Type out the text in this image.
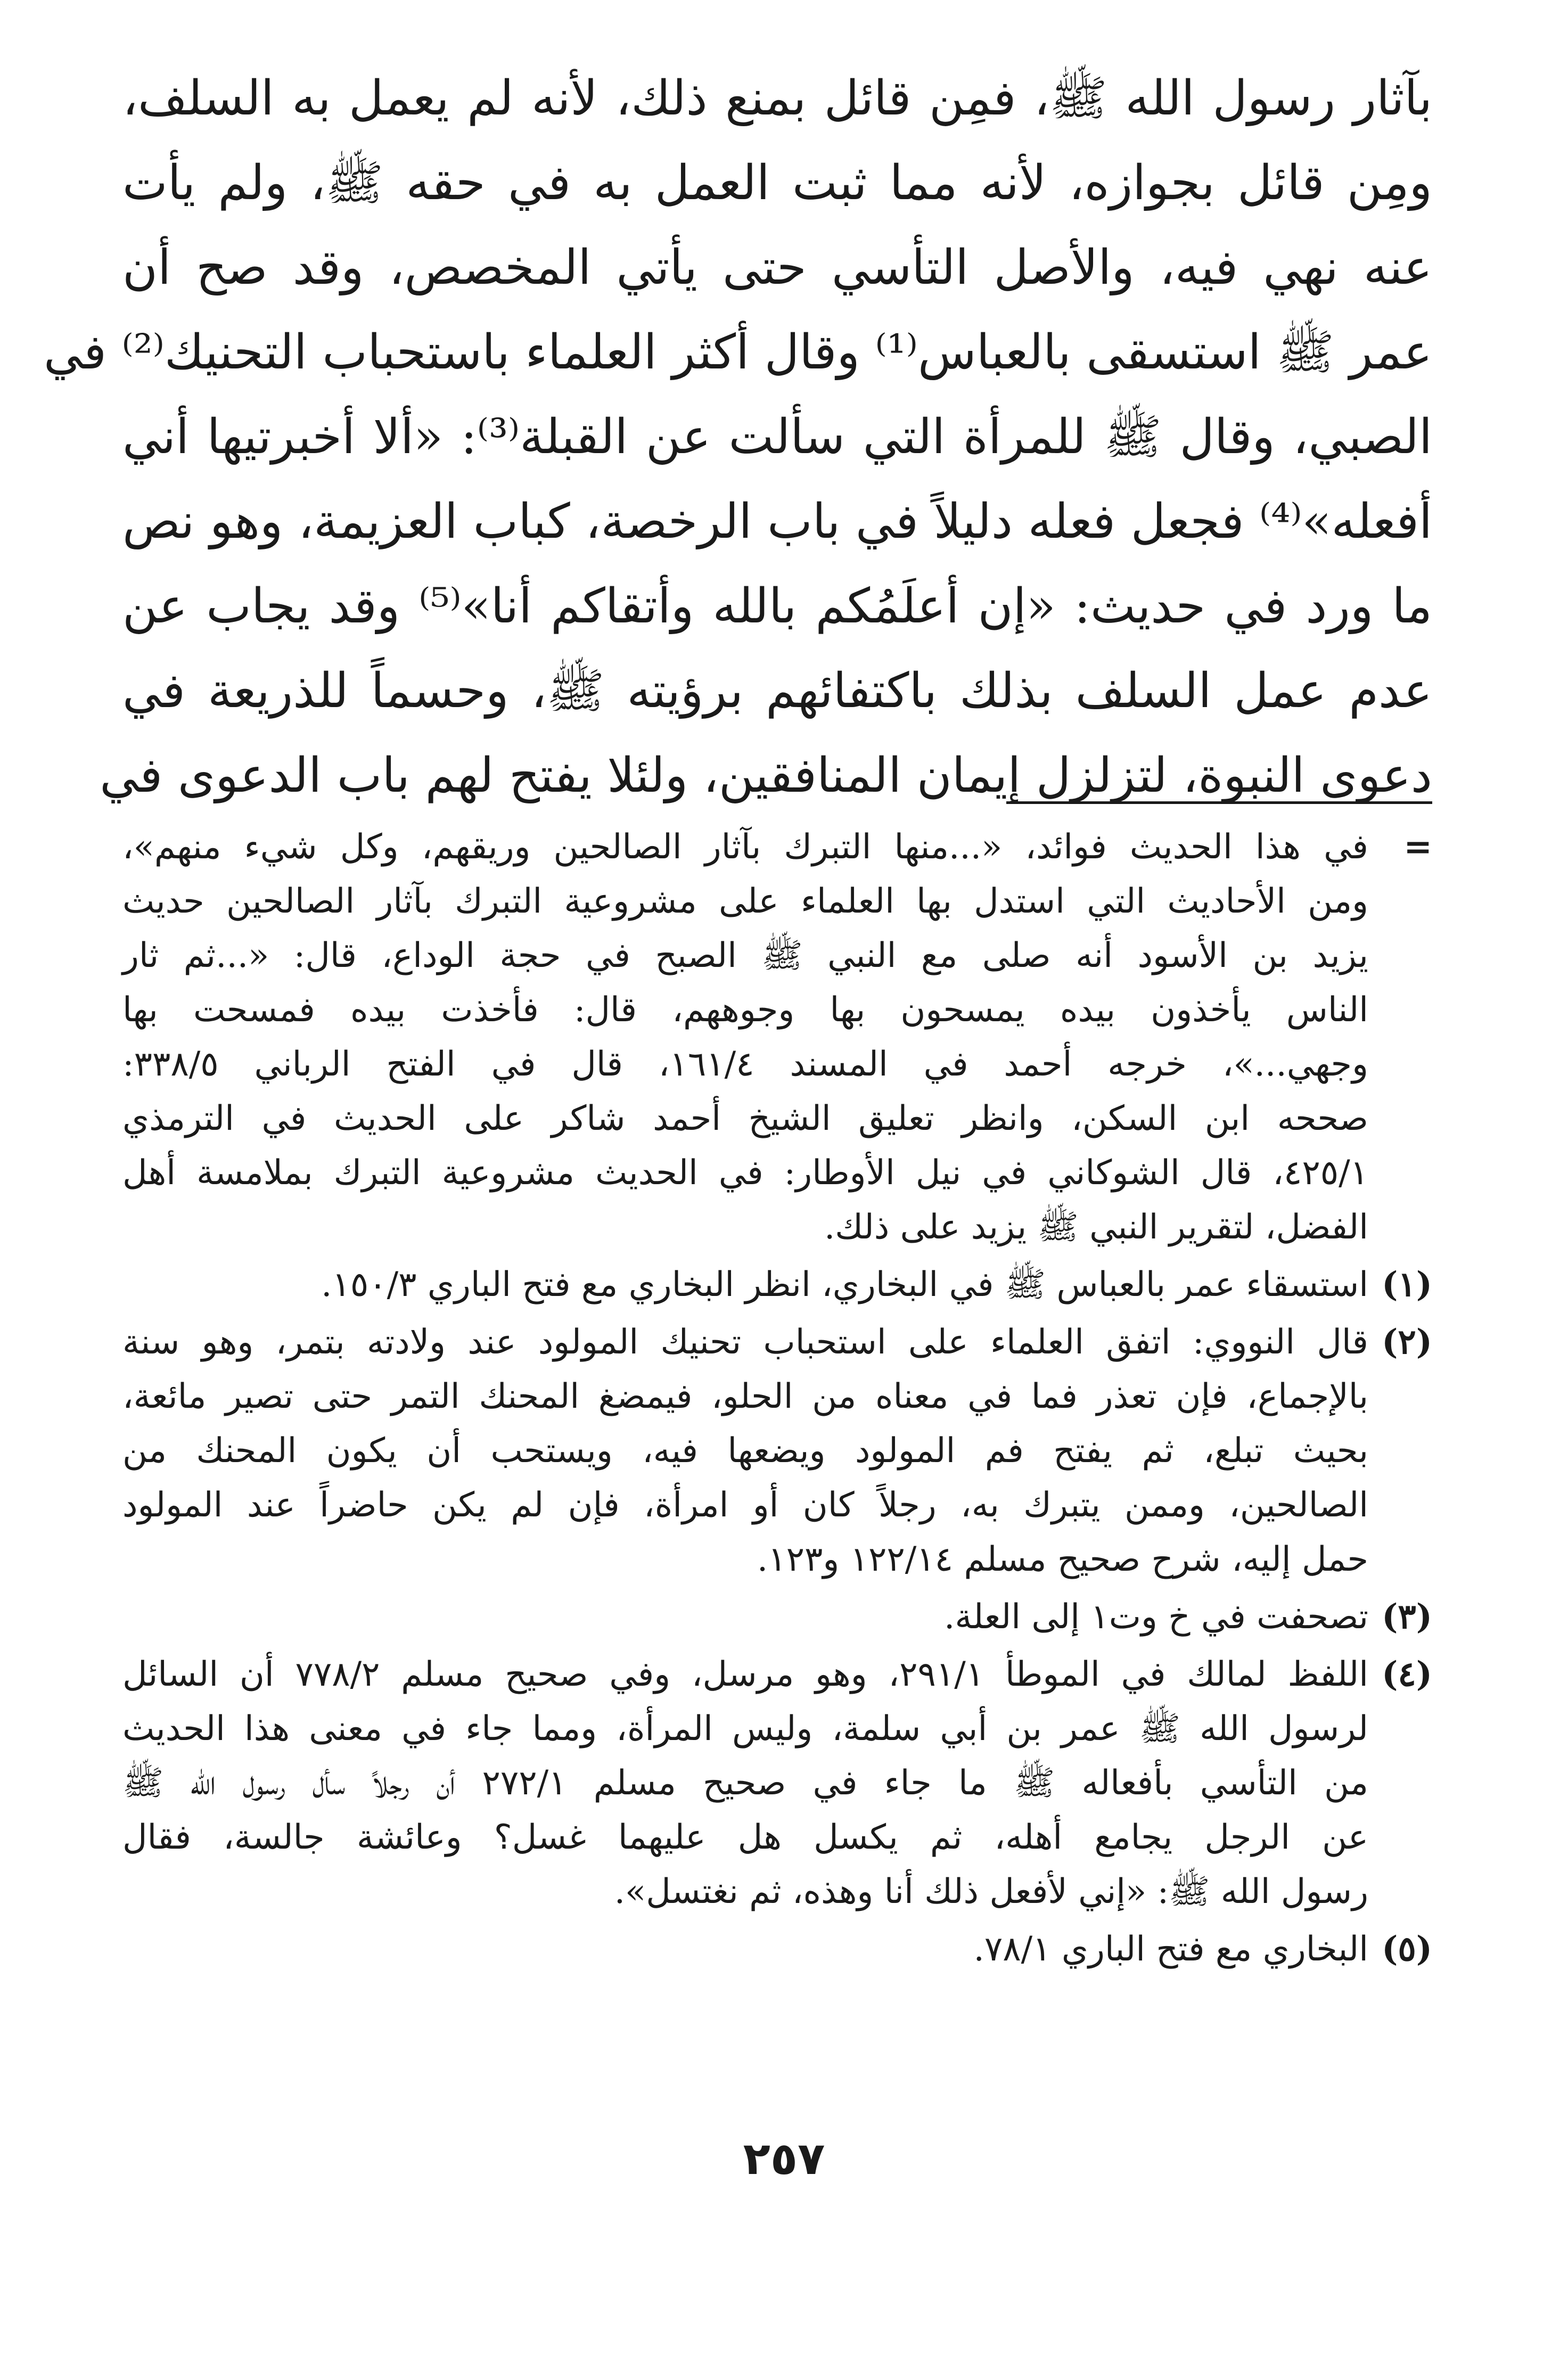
بآثار رسول الله ﷺ، فمِن قائل بمنع ذلك، لأنه لم يعمل به السلف،
ومِن قائل بجوازه، لأنه مما ثبت العمل به في حقه ﷺ، ولم يأت
عنه نهي فيه، والأصل التأسي حتى يأتي المخصص، وقد صح أن
عمر ﷺ استسقى بالعباس⁽¹⁾ وقال أكثر العلماء باستحباب التحنيك⁽²⁾ في
الصبي، وقال ﷺ للمرأة التي سألت عن القبلة⁽³⁾: «ألا أخبرتيها أني
أفعله»⁽⁴⁾ فجعل فعله دليلاً في باب الرخصة، كباب العزيمة، وهو نص
ما ورد في حديث: «إن أعلَمُكم بالله وأتقاكم أنا»⁽⁵⁾ وقد يجاب عن
عدم عمل السلف بذلك باكتفائهم برؤيته ﷺ، وحسماً للذريعة في
دعوى النبوة، لتزلزل إيمان المنافقين، ولئلا يفتح لهم باب الدعوى في
=
في هذا الحديث فوائد، «...منها التبرك بآثار الصالحين وريقهم، وكل شيء منهم»،
ومن الأحاديث التي استدل بها العلماء على مشروعية التبرك بآثار الصالحين حديث
يزيد بن الأسود أنه صلى مع النبي ﷺ الصبح في حجة الوداع، قال: «...ثم ثار
الناس يأخذون بيده يمسحون بها وجوههم، قال: فأخذت بيده فمسحت بها
وجهي...»، خرجه أحمد في المسند ١٦١/٤، قال في الفتح الرباني ٣٣٨/٥:
صححه ابن السكن، وانظر تعليق الشيخ أحمد شاكر على الحديث في الترمذي
٤٢٥/١، قال الشوكاني في نيل الأوطار: في الحديث مشروعية التبرك بملامسة أهل
الفضل، لتقرير النبي ﷺ يزيد على ذلك.
(١)
استسقاء عمر بالعباس ﷺ في البخاري، انظر البخاري مع فتح الباري ١٥٠/٣.
(٢)
قال النووي: اتفق العلماء على استحباب تحنيك المولود عند ولادته بتمر، وهو سنة
بالإجماع، فإن تعذر فما في معناه من الحلو، فيمضغ المحنك التمر حتى تصير مائعة،
بحيث تبلع، ثم يفتح فم المولود ويضعها فيه، ويستحب أن يكون المحنك من
الصالحين، وممن يتبرك به، رجلاً كان أو امرأة، فإن لم يكن حاضراً عند المولود
حمل إليه، شرح صحيح مسلم ١٢٢/١٤ و١٢٣.
(٣)
تصحفت في خ وت١ إلى العلة.
(٤)
اللفظ لمالك في الموطأ ٢٩١/١، وهو مرسل، وفي صحيح مسلم ٧٧٨/٢ أن السائل
لرسول الله ﷺ عمر بن أبي سلمة، وليس المرأة، ومما جاء في معنى هذا الحديث
من التأسي بأفعاله ﷺ ما جاء في صحيح مسلم ٢٧٢/١ أن رجلاً سأل رسول الله ﷺ
عن الرجل يجامع أهله، ثم يكسل هل عليهما غسل؟ وعائشة جالسة، فقال
رسول الله ﷺ: «إني لأفعل ذلك أنا وهذه، ثم نغتسل».
(٥)
البخاري مع فتح الباري ٧٨/١.
٢٥٧
